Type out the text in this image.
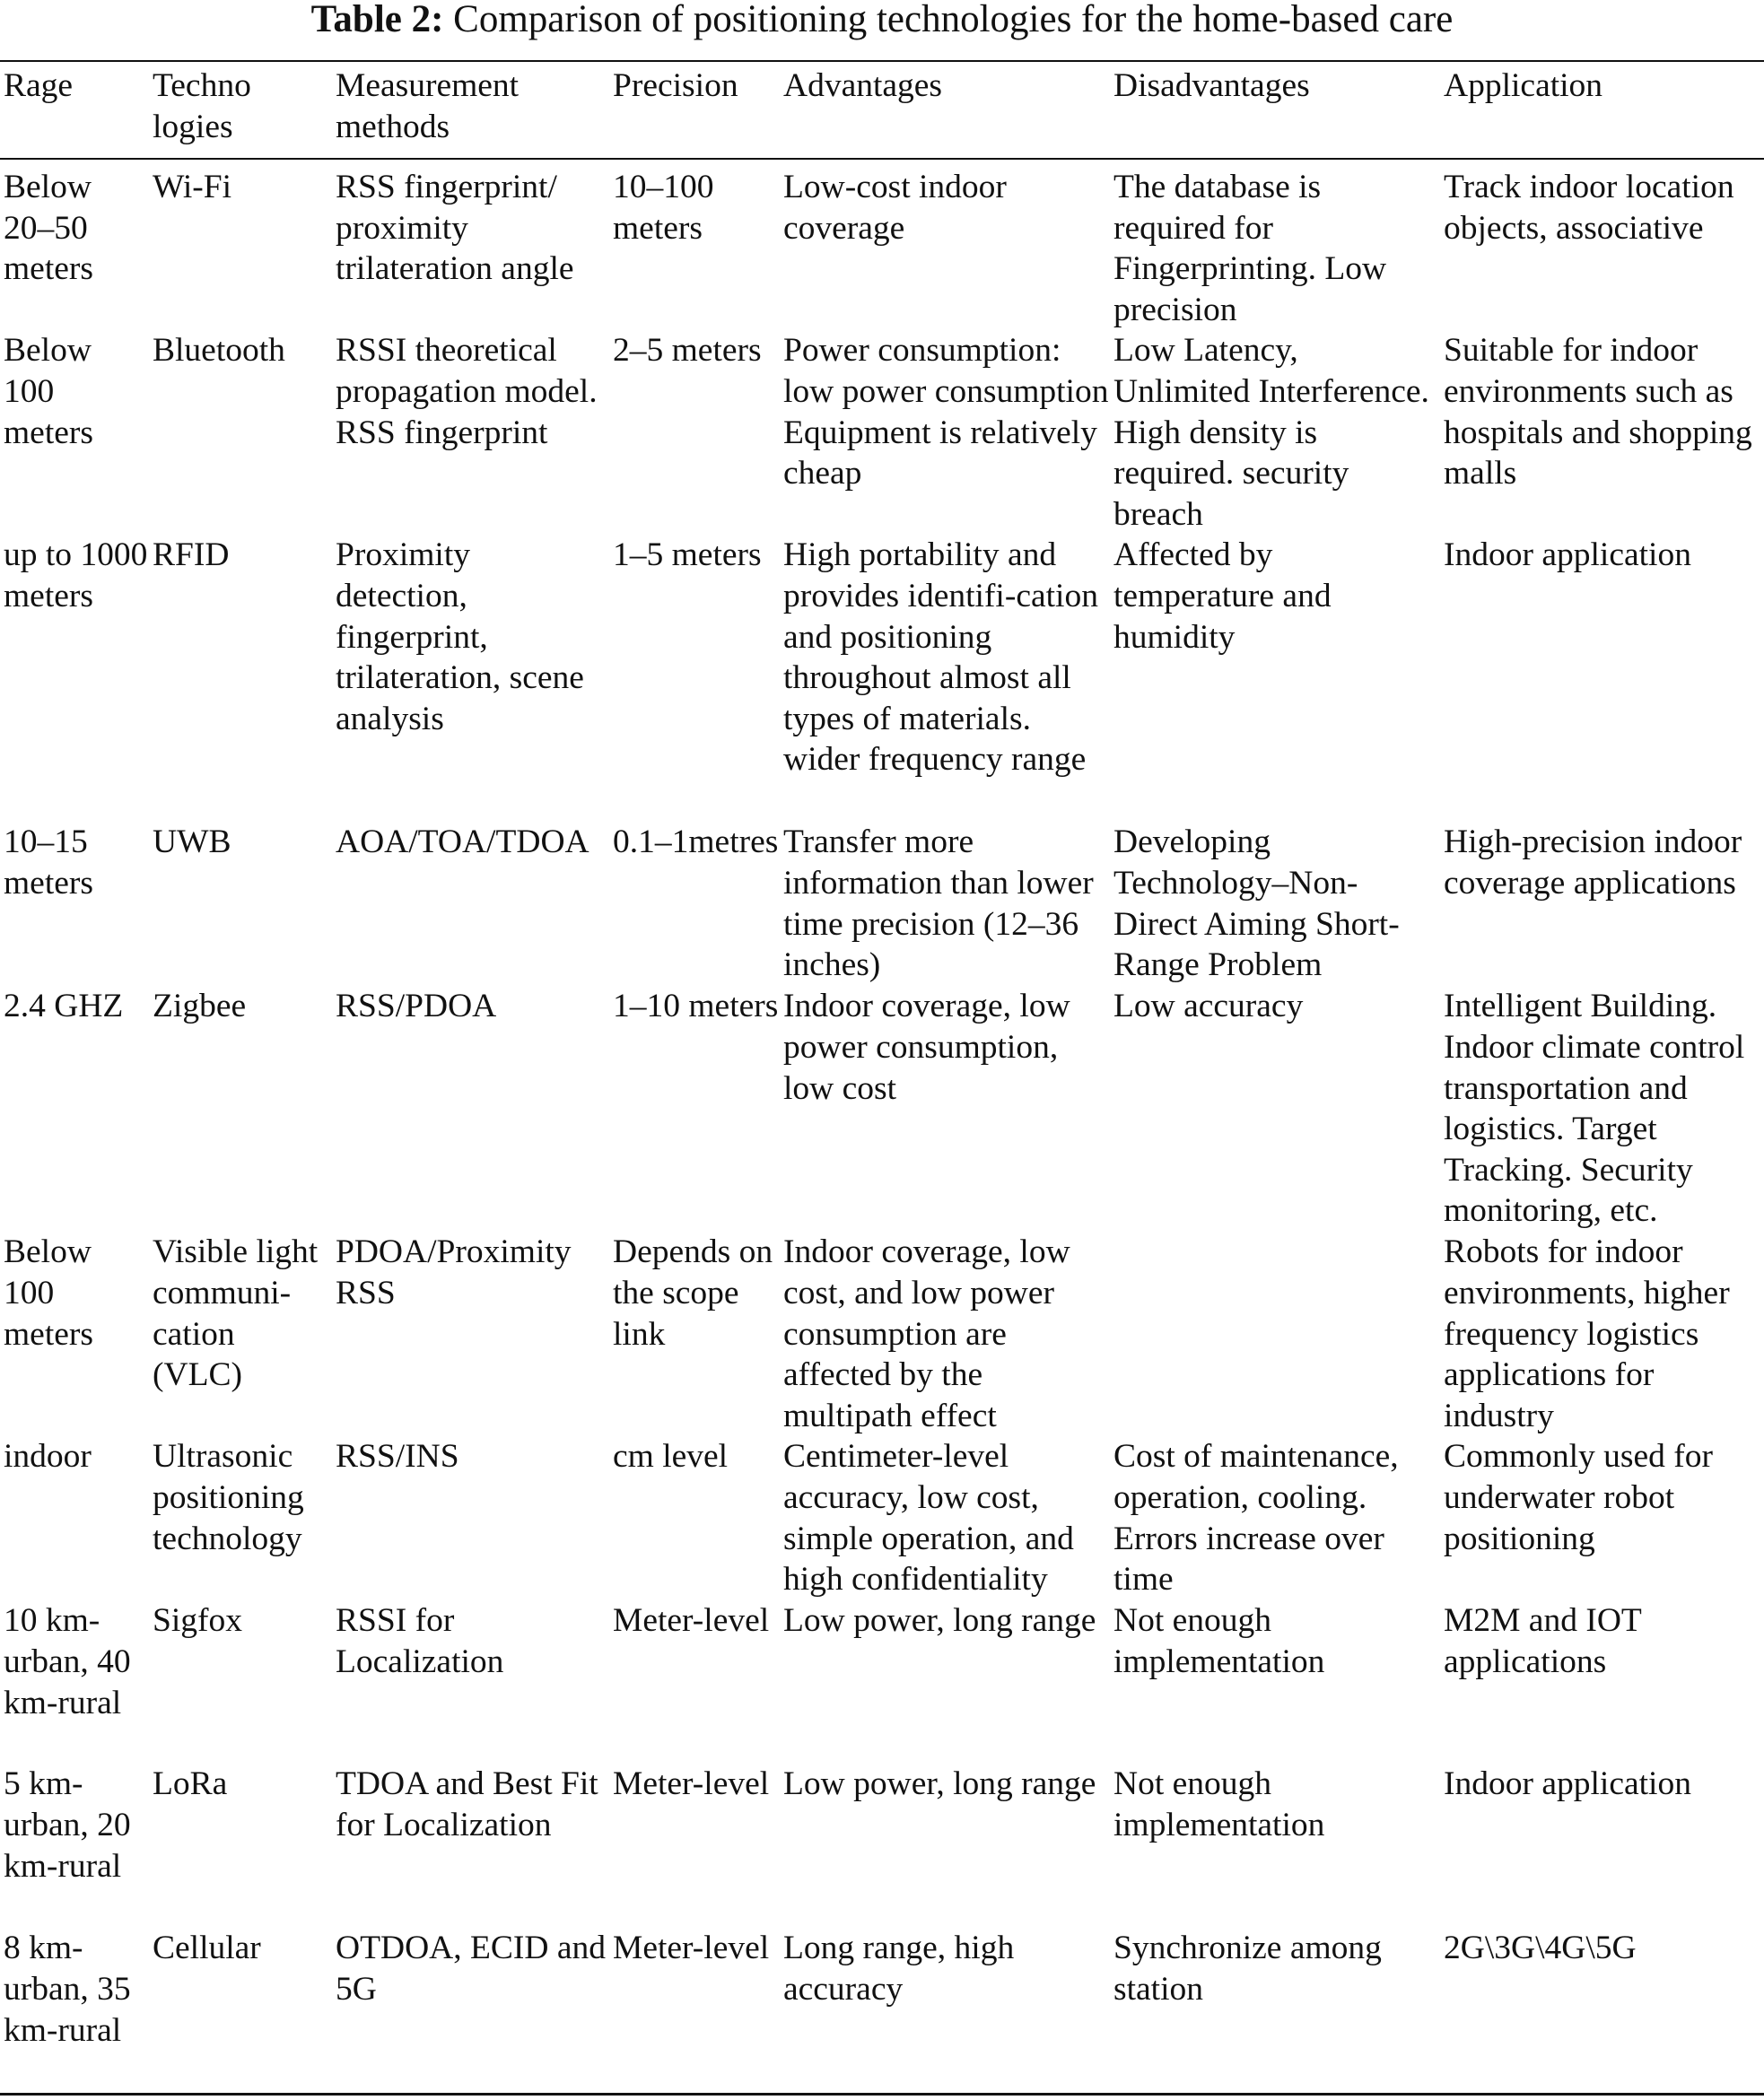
Table 2: Comparison of positioning technologies for the home-based care
Rage	Techno logies	Measurement methods	Precision	Advantages	Disadvantages	Application
Below 20–50 meters	Wi-Fi	RSS fingerprint/ proximity trilateration angle	10–100 meters	Low-cost indoor coverage	The database is required for Fingerprinting. Low precision	Track indoor location objects, associative
Below 100 meters	Bluetooth	RSSI theoretical propagation model. RSS fingerprint	2–5 meters	Power consumption: low power consumption Equipment is relatively cheap	Low Latency, Unlimited Interference. High density is required. security breach	Suitable for indoor environments such as hospitals and shopping malls
up to 1000 meters	RFID	Proximity detection, fingerprint, trilateration, scene analysis	1–5 meters	High portability and provides identifi-cation and positioning throughout almost all types of materials. wider frequency range	Affected by temperature and humidity	Indoor application
10–15 meters	UWB	AOA/TOA/TDOA	0.1–1metres	Transfer more information than lower time precision (12–36 inches)	Developing Technology–Non-Direct Aiming Short-Range Problem	High-precision indoor coverage applications
2.4 GHZ	Zigbee	RSS/PDOA	1–10 meters	Indoor coverage, low power consumption, low cost	Low accuracy	Intelligent Building. Indoor climate control transportation and logistics. Target Tracking. Security monitoring, etc.
Below 100 meters	Visible light communi-cation (VLC)	PDOA/Proximity RSS	Depends on the scope link	Indoor coverage, low cost, and low power consumption are affected by the multipath effect		Robots for indoor environments, higher frequency logistics applications for industry
indoor	Ultrasonic positioning technology	RSS/INS	cm level	Centimeter-level accuracy, low cost, simple operation, and high confidentiality	Cost of maintenance, operation, cooling. Errors increase over time	Commonly used for underwater robot positioning
10 km-urban, 40 km-rural	Sigfox	RSSI for Localization	Meter-level	Low power, long range	Not enough implementation	M2M and IOT applications
5 km-urban, 20 km-rural	LoRa	TDOA and Best Fit for Localization	Meter-level	Low power, long range	Not enough implementation	Indoor application
8 km-urban, 35 km-rural	Cellular	OTDOA, ECID and 5G	Meter-level	Long range, high accuracy	Synchronize among station	2G\3G\4G\5G
